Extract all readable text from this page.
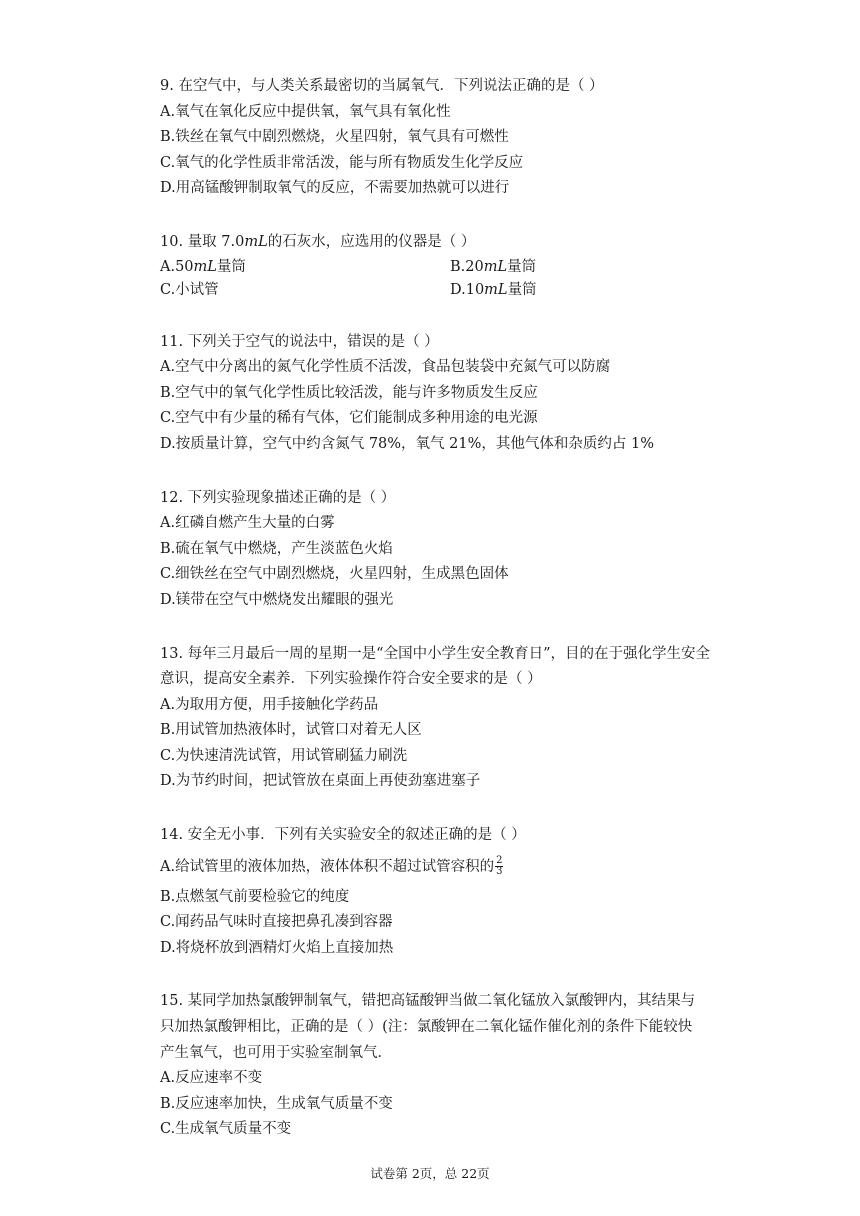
9. 在空气中，与人类关系最密切的当属氧气．下列说法正确的是（ ）
A.氧气在氧化反应中提供氧，氧气具有氧化性
B.铁丝在氧气中剧烈燃烧，火星四射，氧气具有可燃性
C.氧气的化学性质非常活泼，能与所有物质发生化学反应
D.用高锰酸钾制取氧气的反应，不需要加热就可以进行
10. 量取 7.0mL的石灰水，应选用的仪器是（ ）
A.50mL量筒	B.20mL量筒
C.小试管	D.10mL量筒
11. 下列关于空气的说法中，错误的是（ ）
A.空气中分离出的氮气化学性质不活泼，食品包装袋中充氮气可以防腐
B.空气中的氧气化学性质比较活泼，能与许多物质发生反应
C.空气中有少量的稀有气体，它们能制成多种用途的电光源
D.按质量计算，空气中约含氮气 78%，氧气 21%，其他气体和杂质约占 1%
12. 下列实验现象描述正确的是（ ）
A.红磷自燃产生大量的白雾
B.硫在氧气中燃烧，产生淡蓝色火焰
C.细铁丝在空气中剧烈燃烧，火星四射，生成黑色固体
D.镁带在空气中燃烧发出耀眼的强光
13. 每年三月最后一周的星期一是“全国中小学生安全教育日”，目的在于强化学生安全
意识，提高安全素养．下列实验操作符合安全要求的是（ ）
A.为取用方便，用手接触化学药品
B.用试管加热液体时，试管口对着无人区
C.为快速清洗试管，用试管刷猛力刷洗
D.为节约时间，把试管放在桌面上再使劲塞进塞子
14. 安全无小事．下列有关实验安全的叙述正确的是（ ）
A.给试管里的液体加热，液体体积不超过试管容积的 $\frac{2}{3}$
B.点燃氢气前要检验它的纯度
C.闻药品气味时直接把鼻孔凑到容器
D.将烧杯放到酒精灯火焰上直接加热
15. 某同学加热氯酸钾制氧气，错把高锰酸钾当做二氧化锰放入氯酸钾内，其结果与
只加热氯酸钾相比，正确的是（ ）(注：氯酸钾在二氧化锰作催化剂的条件下能较快
产生氧气，也可用于实验室制氧气．
A.反应速率不变
B.反应速率加快，生成氧气质量不变
C.生成氧气质量不变
试卷第 2页，总 22页
